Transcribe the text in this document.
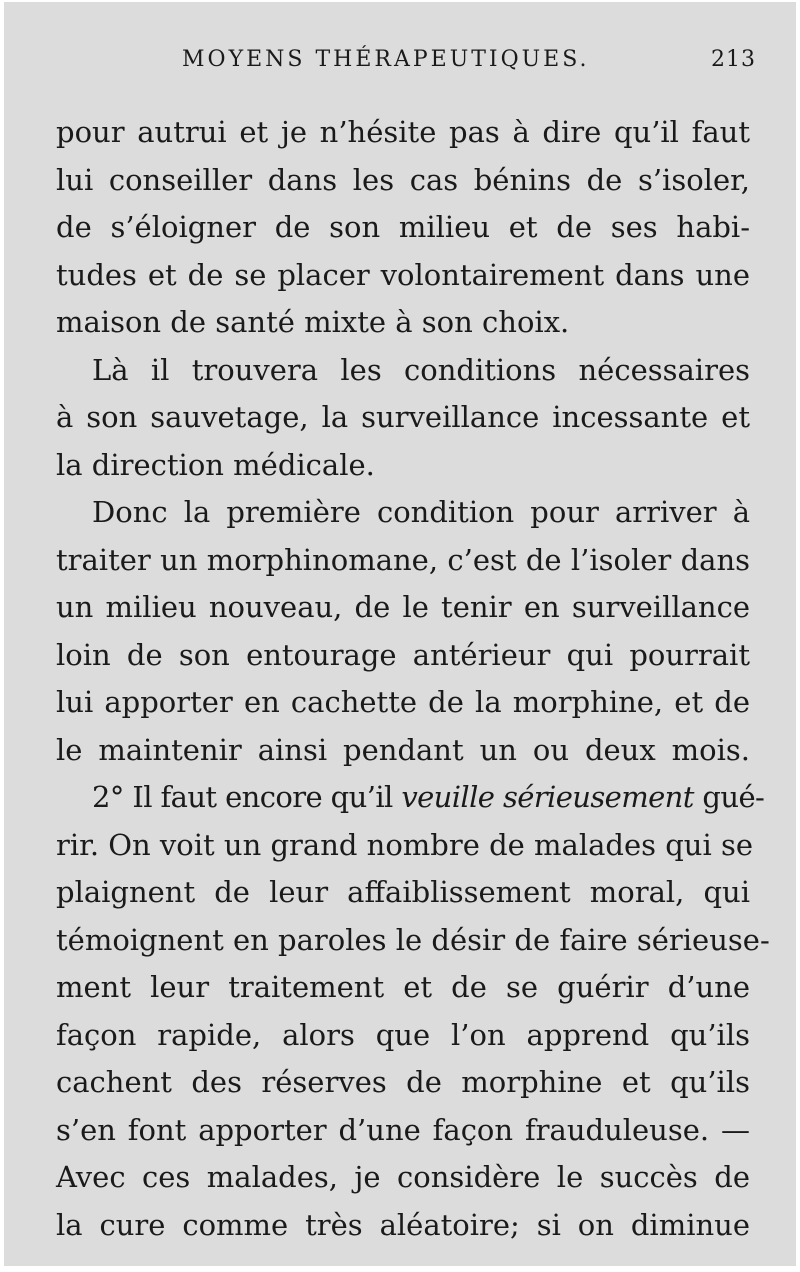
MOYENS THÉRAPEUTIQUES.	213
pour autrui et je n’hésite pas à dire qu’il faut
lui conseiller dans les cas bénins de s’isoler,
de s’éloigner de son milieu et de ses habi-
tudes et de se placer volontairement dans une
maison de santé mixte à son choix.
Là il trouvera les conditions nécessaires
à son sauvetage, la surveillance incessante et
la direction médicale.
Donc la première condition pour arriver à
traiter un morphinomane, c’est de l’isoler dans
un milieu nouveau, de le tenir en surveillance
loin de son entourage antérieur qui pourrait
lui apporter en cachette de la morphine, et de
le maintenir ainsi pendant un ou deux mois.
2° Il faut encore qu’il veuille sérieusement gué-
rir. On voit un grand nombre de malades qui se
plaignent de leur affaiblissement moral, qui
témoignent en paroles le désir de faire sérieuse-
ment leur traitement et de se guérir d’une
façon rapide, alors que l’on apprend qu’ils
cachent des réserves de morphine et qu’ils
s’en font apporter d’une façon frauduleuse. —
Avec ces malades, je considère le succès de
la cure comme très aléatoire; si on diminue
